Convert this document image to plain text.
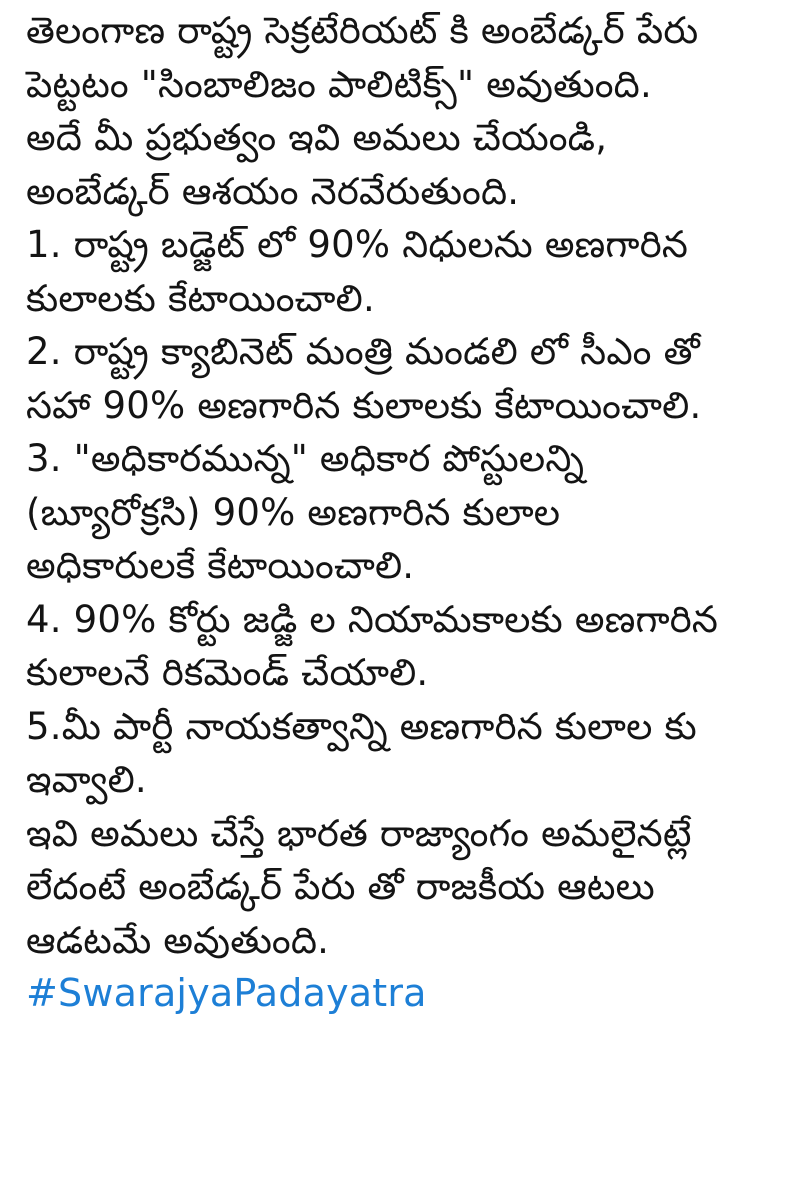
తెలంగాణ రాష్ట్ర సెక్రటేరియట్ కి అంబేడ్కర్ పేరు
పెట్టటం "సింబాలిజం పాలిటిక్స్" అవుతుంది.
అదే మీ ప్రభుత్వం ఇవి అమలు చేయండి,
అంబేడ్కర్ ఆశయం నెరవేరుతుంది.
1. రాష్ట్ర బడ్జెట్ లో 90% నిధులను అణగారిన
కులాలకు కేటాయించాలి.
2. రాష్ట్ర క్యాబినెట్ మంత్రి మండలి లో సీఎం తో
సహా 90% అణగారిన కులాలకు కేటాయించాలి.
3. "అధికారమున్న" అధికార పోస్టులన్ని
(బ్యూరోక్రసి) 90% అణగారిన కులాల
అధికారులకే కేటాయించాలి.
4. 90% కోర్టు జడ్జి ల నియామకాలకు అణగారిన
కులాలనే రికమెండ్ చేయాలి.
5.మీ పార్టీ నాయకత్వాన్ని అణగారిన కులాల కు
ఇవ్వాలి.
ఇవి అమలు చేస్తే భారత రాజ్యాంగం అమలైనట్లే
లేదంటే అంబేడ్కర్ పేరు తో రాజకీయ ఆటలు
ఆడటమే అవుతుంది.
#SwarajyaPadayatra
